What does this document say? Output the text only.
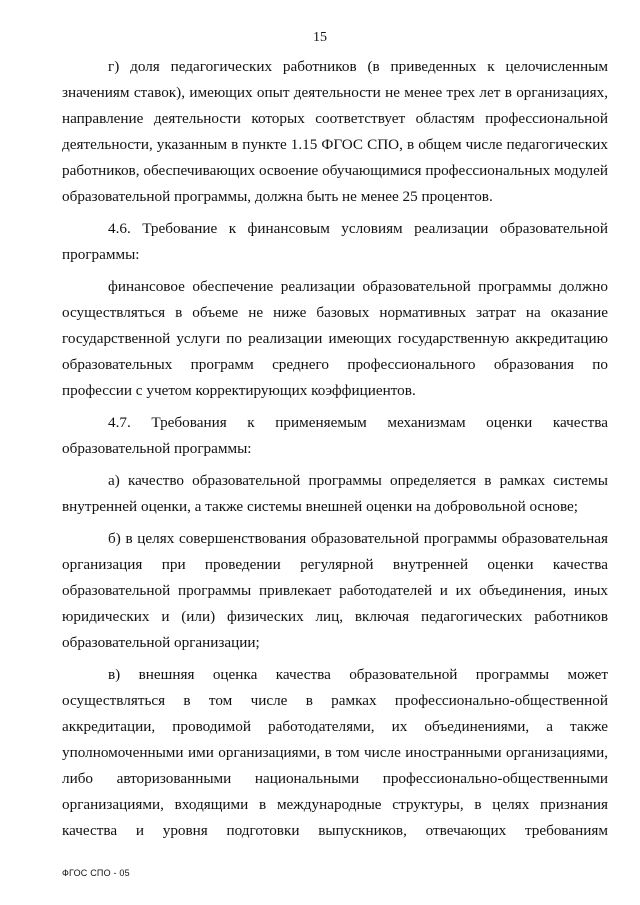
15

г) доля педагогических работников (в приведенных к целочисленным значениям ставок), имеющих опыт деятельности не менее трех лет в организациях, направление деятельности которых соответствует областям профессиональной деятельности, указанным в пункте 1.15 ФГОС СПО, в общем числе педагогических работников, обеспечивающих освоение обучающимися профессиональных модулей образовательной программы, должна быть не менее 25 процентов.

4.6. Требование к финансовым условиям реализации образовательной программы:

финансовое обеспечение реализации образовательной программы должно осуществляться в объеме не ниже базовых нормативных затрат на оказание государственной услуги по реализации имеющих государственную аккредитацию образовательных программ среднего профессионального образования по профессии с учетом корректирующих коэффициентов.

4.7. Требования к применяемым механизмам оценки качества образовательной программы:

а) качество образовательной программы определяется в рамках системы внутренней оценки, а также системы внешней оценки на добровольной основе;

б) в целях совершенствования образовательной программы образовательная организация при проведении регулярной внутренней оценки качества образовательной программы привлекает работодателей и их объединения, иных юридических и (или) физических лиц, включая педагогических работников образовательной организации;

в) внешняя оценка качества образовательной программы может осуществляться в том числе в рамках профессионально-общественной аккредитации, проводимой работодателями, их объединениями, а также уполномоченными ими организациями, в том числе иностранными организациями, либо авторизованными национальными профессионально-общественными организациями, входящими в международные структуры, в целях признания качества и уровня подготовки выпускников, отвечающих требованиям

ФГОС СПО - 05
